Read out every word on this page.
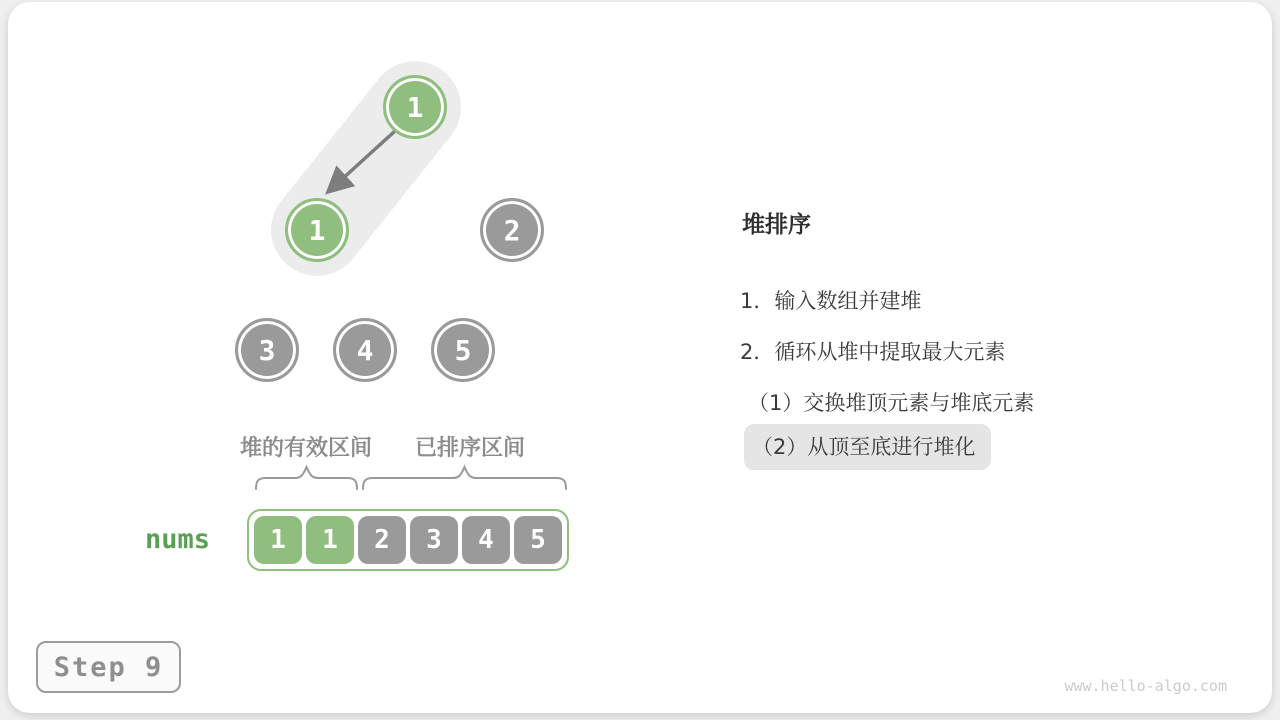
1
1	2
3	4	5
堆的有效区间 已排序区间
nums	1	1	2	3	4	5
堆排序
1．输入数组并建堆
2．循环从堆中提取最大元素
（1）交换堆顶元素与堆底元素
（2）从顶至底进行堆化
Step 9
www.hello-algo.com
